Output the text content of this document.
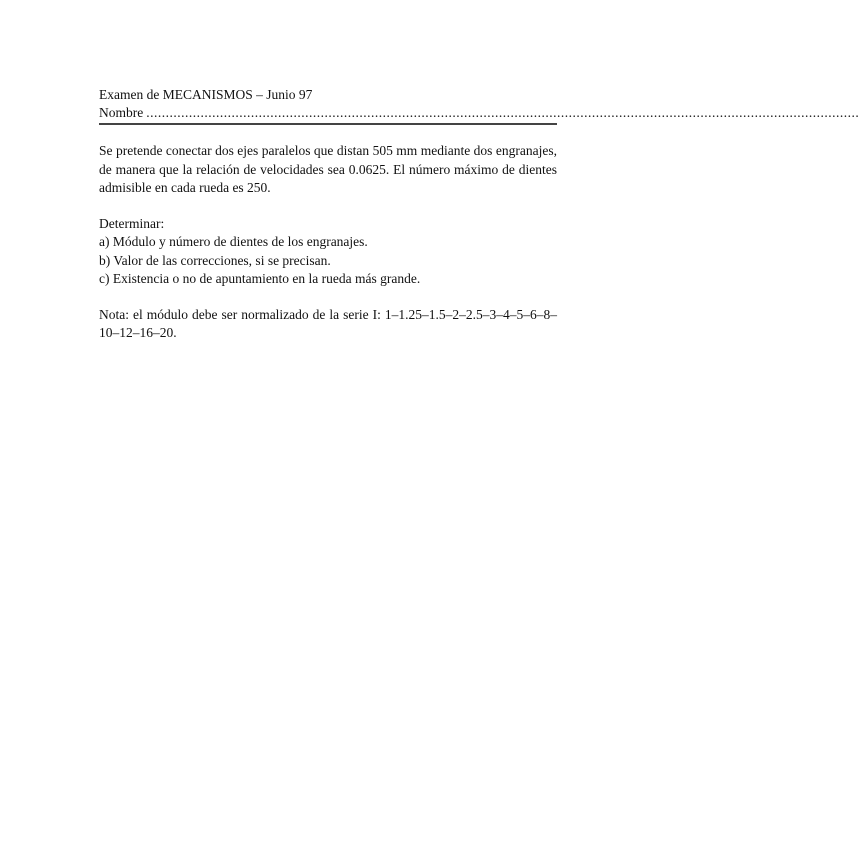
Examen de MECANISMOS – Junio 97
Nombre ........................................................................................................................................................................................

Se pretende conectar dos ejes paralelos que distan 505 mm mediante dos engranajes, de manera que la relación de velocidades sea 0.0625. El número máximo de dientes admisible en cada rueda es 250.

Determinar:

a) Módulo y número de dientes de los engranajes.

b) Valor de las correcciones, si se precisan.

c) Existencia o no de apuntamiento en la rueda más grande.

Nota: el módulo debe ser normalizado de la serie I: 1–1.25–1.5–2–2.5–3–4–5–6–8–10–12–16–20.
